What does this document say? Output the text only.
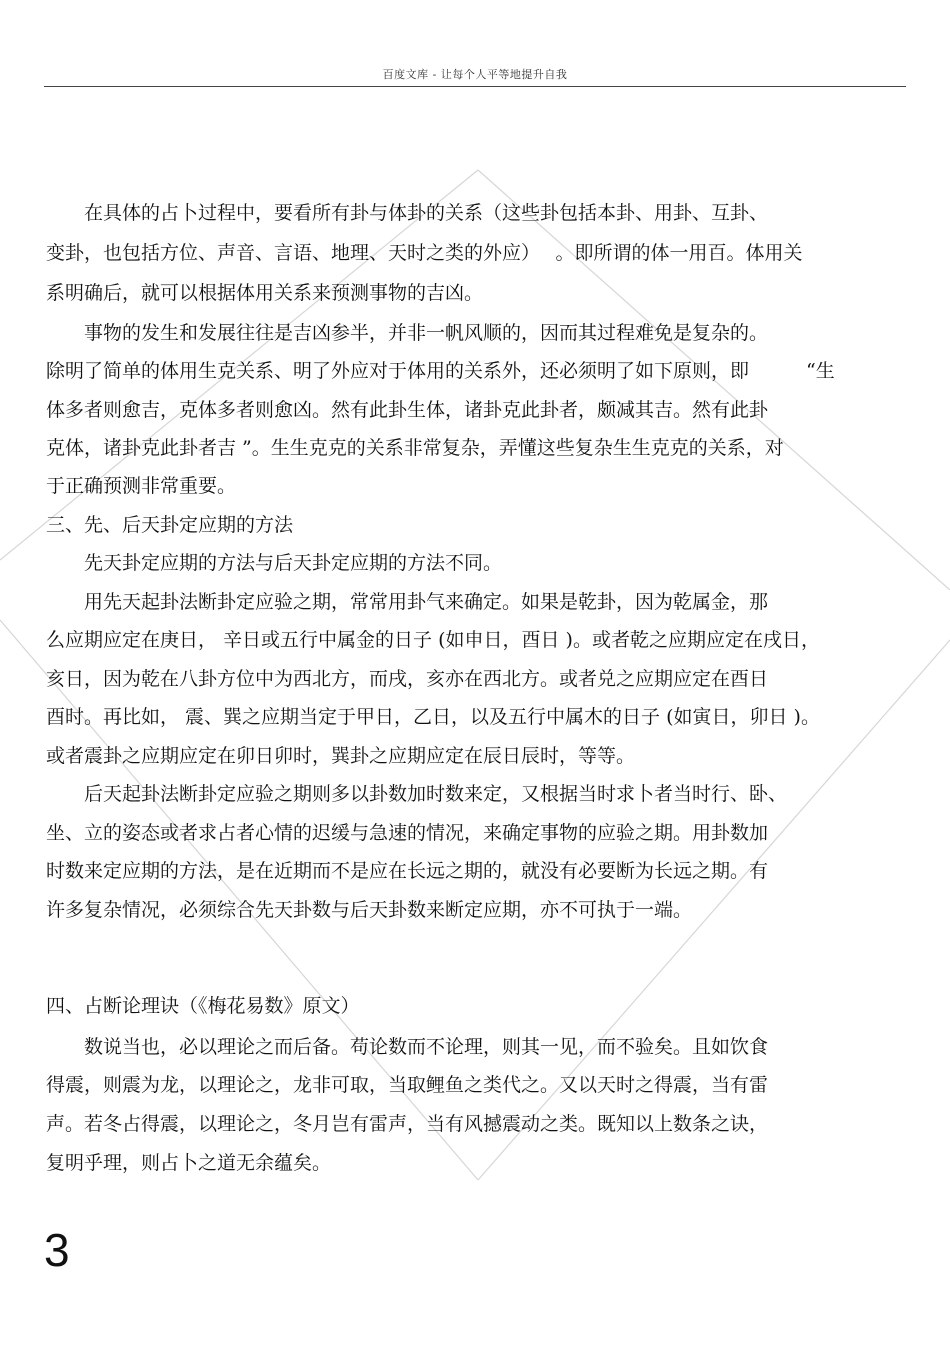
百度文库 - 让每个人平等地提升自我
　　在具体的占卜过程中，要看所有卦与体卦的关系（这些卦包括本卦、用卦、互卦、
变卦，也包括方位、声音、言语、地理、天时之类的外应）　 。即所谓的体一用百。体用关
系明确后，就可以根据体用关系来预测事物的吉凶。
　　事物的发生和发展往往是吉凶参半，并非一帆风顺的，因而其过程难免是复杂的。
除明了简单的体用生克关系、明了外应对于体用的关系外，还必须明了如下原则，即　　　“生
体多者则愈吉，克体多者则愈凶。然有此卦生体，诸卦克此卦者，颇减其吉。然有此卦
克体，诸卦克此卦者吉 ”。生生克克的关系非常复杂，弄懂这些复杂生生克克的关系，对
于正确预测非常重要。
三、先、后天卦定应期的方法
　　先天卦定应期的方法与后天卦定应期的方法不同。
　　用先天起卦法断卦定应验之期，常常用卦气来确定。如果是乾卦，因为乾属金，那
么应期应定在庚日， 辛日或五行中属金的日子 (如申日，酉日 )。或者乾之应期应定在戌日，
亥日，因为乾在八卦方位中为西北方，而戌，亥亦在西北方。或者兑之应期应定在酉日
酉时。再比如， 震、巽之应期当定于甲日，乙日，以及五行中属木的日子 (如寅日，卯日 )。
或者震卦之应期应定在卯日卯时，巽卦之应期应定在辰日辰时，等等。
　　后天起卦法断卦定应验之期则多以卦数加时数来定，又根据当时求卜者当时行、卧、
坐、立的姿态或者求占者心情的迟缓与急速的情况，来确定事物的应验之期。用卦数加
时数来定应期的方法，是在近期而不是应在长远之期的，就没有必要断为长远之期。有
许多复杂情况，必须综合先天卦数与后天卦数来断定应期，亦不可执于一端。
四、占断论理诀（《梅花易数》原文）
　　数说当也，必以理论之而后备。苟论数而不论理，则其一见，而不验矣。且如饮食
得震，则震为龙，以理论之，龙非可取，当取鲤鱼之类代之。又以天时之得震，当有雷
声。若冬占得震，以理论之，冬月岂有雷声，当有风撼震动之类。既知以上数条之诀，
复明乎理，则占卜之道无余蕴矣。
3
